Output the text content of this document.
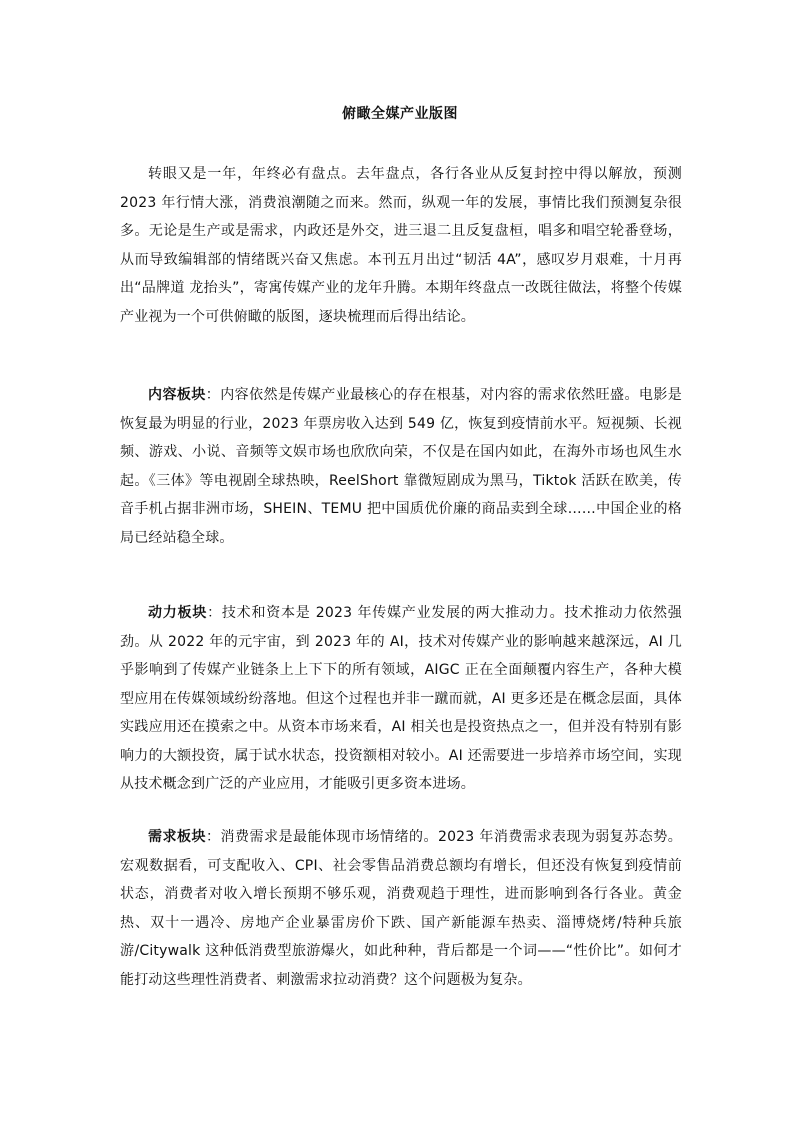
俯瞰全媒产业版图

转眼又是一年，年终必有盘点。去年盘点，各行各业从反复封控中得以解放，预测 2023 年行情大涨，消费浪潮随之而来。然而，纵观一年的发展，事情比我们预测复杂很多。无论是生产或是需求，内政还是外交，进三退二且反复盘桓，唱多和唱空轮番登场，从而导致编辑部的情绪既兴奋又焦虑。本刊五月出过“韧活 4A”，感叹岁月艰难，十月再出“品牌道 龙抬头”，寄寓传媒产业的龙年升腾。本期年终盘点一改既往做法，将整个传媒产业视为一个可供俯瞰的版图，逐块梳理而后得出结论。

内容板块：内容依然是传媒产业最核心的存在根基，对内容的需求依然旺盛。电影是恢复最为明显的行业，2023 年票房收入达到 549 亿，恢复到疫情前水平。短视频、长视频、游戏、小说、音频等文娱市场也欣欣向荣，不仅是在国内如此，在海外市场也风生水起。《三体》等电视剧全球热映，ReelShort 靠微短剧成为黑马，Tiktok 活跃在欧美，传音手机占据非洲市场，SHEIN、TEMU 把中国质优价廉的商品卖到全球……中国企业的格局已经站稳全球。

动力板块：技术和资本是 2023 年传媒产业发展的两大推动力。技术推动力依然强劲。从 2022 年的元宇宙，到 2023 年的 AI，技术对传媒产业的影响越来越深远，AI 几乎影响到了传媒产业链条上上下下的所有领域，AIGC 正在全面颠覆内容生产，各种大模型应用在传媒领域纷纷落地。但这个过程也并非一蹴而就，AI 更多还是在概念层面，具体实践应用还在摸索之中。从资本市场来看，AI 相关也是投资热点之一，但并没有特别有影响力的大额投资，属于试水状态，投资额相对较小。AI 还需要进一步培养市场空间，实现从技术概念到广泛的产业应用，才能吸引更多资本进场。

需求板块：消费需求是最能体现市场情绪的。2023 年消费需求表现为弱复苏态势。宏观数据看，可支配收入、CPI、社会零售品消费总额均有增长，但还没有恢复到疫情前状态，消费者对收入增长预期不够乐观，消费观趋于理性，进而影响到各行各业。黄金热、双十一遇冷、房地产企业暴雷房价下跌、国产新能源车热卖、淄博烧烤/特种兵旅游/Citywalk 这种低消费型旅游爆火，如此种种，背后都是一个词——“性价比”。如何才能打动这些理性消费者、刺激需求拉动消费？这个问题极为复杂。
